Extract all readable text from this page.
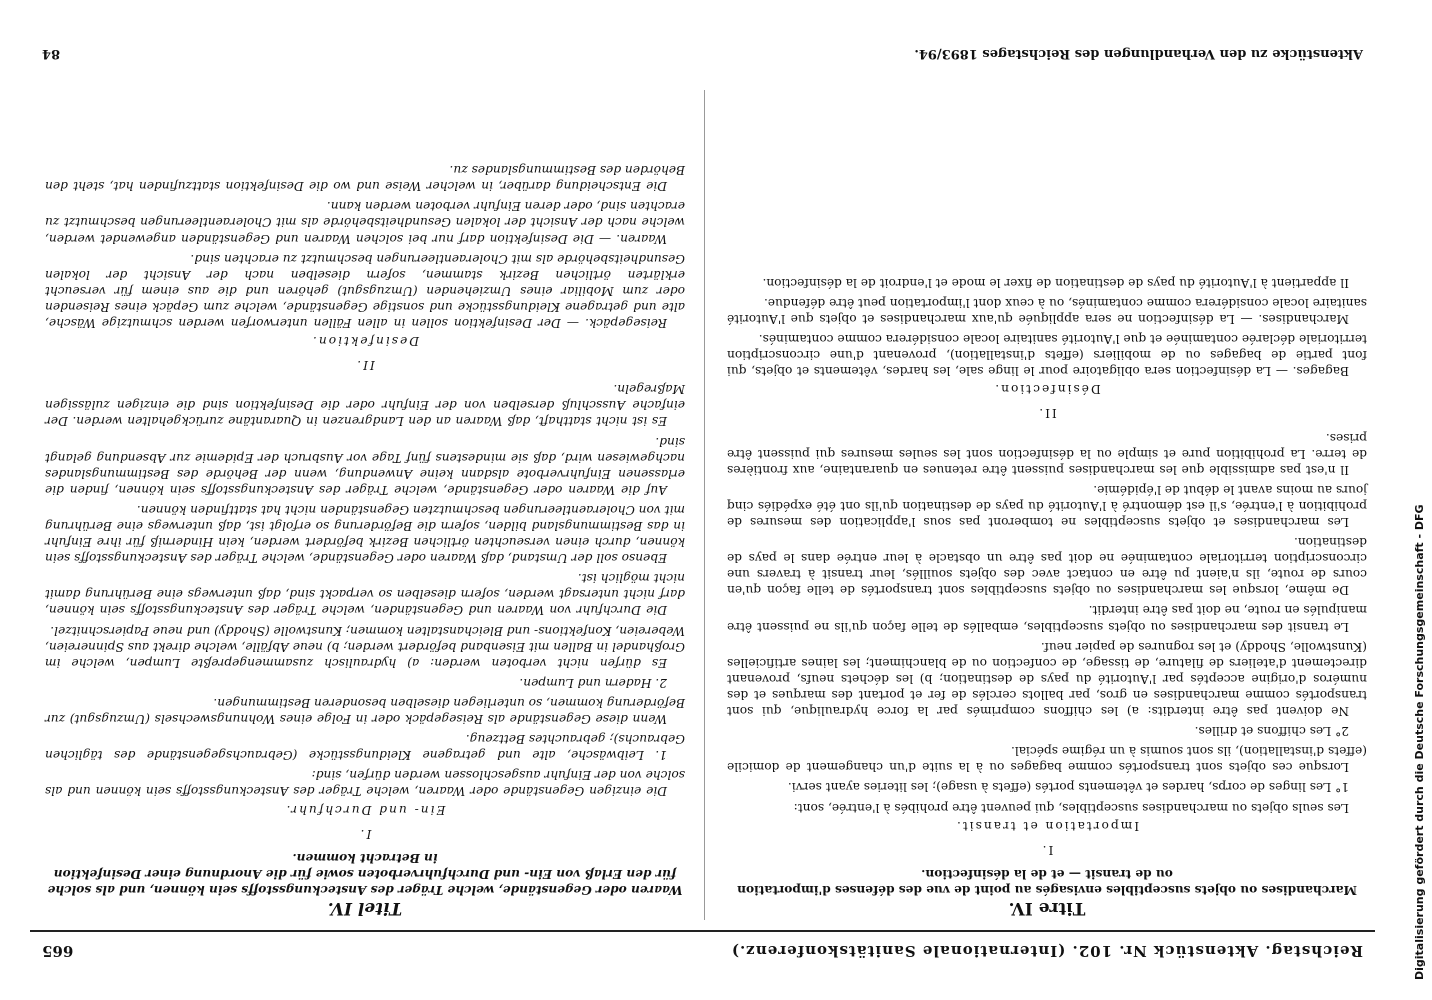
Reichstag. Aktenstück Nr. 102. (Internationale Sanitätskonferenz.)
665
Titre IV.
Marchandises ou objets susceptibles envisagés au point de vue des défenses d'importation ou de transit — et de la désinfection.
I.
Importation et transit.

Les seuls objets ou marchandises susceptibles, qui peuvent être prohibés à l'entrée, sont:

1° Les linges de corps, hardes et vêtements portés (effets à usage); les literies ayant servi.

Lorsque ces objets sont transportés comme bagages ou à la suite d'un changement de domicile (effets d'installation), ils sont soumis à un régime spécial.

2° Les chiffons et drilles.

Ne doivent pas être interdits: a) les chiffons comprimés par la force hydraulique, qui sont transportés comme marchandises en gros, par ballots cerclés de fer et portant des marques et des numéros d'origine acceptés par l'Autorité du pays de destination; b) les déchets neufs, provenant directement d'ateliers de filature, de tissage, de confection ou de blanchiment; les laines artificielles (Kunstwolle, Shoddy) et les rognures de papier neuf.

Le transit des marchandises ou objets susceptibles, emballés de telle façon qu'ils ne puissent être manipulés en route, ne doit pas être interdit.

De même, lorsque les marchandises ou objets susceptibles sont transportés de telle façon qu'en cours de route, ils n'aient pu être en contact avec des objets souillés, leur transit à travers une circonscription territoriale contaminée ne doit pas être un obstacle à leur entrée dans le pays de destination.

Les marchandises et objets susceptibles ne tomberont pas sous l'application des mesures de prohibition à l'entrée, s'il est démontré à l'Autorité du pays de destination qu'ils ont été expédiés cinq jours au moins avant le début de l'épidémie.

Il n'est pas admissible que les marchandises puissent être retenues en quarantaine, aux frontières de terre. La prohibition pure et simple ou la désinfection sont les seules mesures qui puissent être prises.

II.
Désinfection.

Bagages. — La désinfection sera obligatoire pour le linge sale, les hardes, vêtements et objets, qui font partie de bagages ou de mobiliers (effets d'installation), provenant d'une circonscription territoriale déclarée contaminée et que l'Autorité sanitaire locale considérera comme contaminés.

Marchandises. — La désinfection ne sera appliquée qu'aux marchandises et objets que l'Autorité sanitaire locale considérera comme contaminés, ou à ceux dont l'importation peut être défendue.

Il appartient à l'Autorité du pays de destination de fixer le mode et l'endroit de la désinfection.

Titel IV.
Waaren oder Gegenstände, welche Träger des Ansteckungsstoffs sein können, und als solche für den Erlaß von Ein- und Durchfuhrverboten sowie für die Anordnung einer Desinfektion in Betracht kommen.
I.
Ein- und Durchfuhr.

Die einzigen Gegenstände oder Waaren, welche Träger des Ansteckungsstoffs sein können und als solche von der Einfuhr ausgeschlossen werden dürfen, sind:

1. Leibwäsche, alte und getragene Kleidungsstücke (Gebrauchsgegenstände des täglichen Gebrauchs); gebrauchtes Bettzeug.

Wenn diese Gegenstände als Reisegepäck oder in Folge eines Wohnungswechsels (Umzugsgut) zur Beförderung kommen, so unterliegen dieselben besonderen Bestimmungen.

2. Hadern und Lumpen.

Es dürfen nicht verboten werden: a) hydraulisch zusammengepreßte Lumpen, welche im Großhandel in Ballen mit Eisenband befördert werden; b) neue Abfälle, welche direkt aus Spinnereien, Webereien, Konfektions- und Bleichanstalten kommen; Kunstwolle (Shoddy) und neue Papierschnitzel.

Die Durchfuhr von Waaren und Gegenständen, welche Träger des Ansteckungsstoffs sein können, darf nicht untersagt werden, sofern dieselben so verpackt sind, daß unterwegs eine Berührung damit nicht möglich ist.

Ebenso soll der Umstand, daß Waaren oder Gegenstände, welche Träger des Ansteckungsstoffs sein können, durch einen verseuchten örtlichen Bezirk befördert werden, kein Hinderniß für ihre Einfuhr in das Bestimmungsland bilden, sofern die Beförderung so erfolgt ist, daß unterwegs eine Berührung mit von Choleraentleerungen beschmutzten Gegenständen nicht hat stattfinden können.

Auf die Waaren oder Gegenstände, welche Träger des Ansteckungsstoffs sein können, finden die erlassenen Einfuhrverbote alsdann keine Anwendung, wenn der Behörde des Bestimmungslandes nachgewiesen wird, daß sie mindestens fünf Tage vor Ausbruch der Epidemie zur Absendung gelangt sind.

Es ist nicht statthaft, daß Waaren an den Landgrenzen in Quarantäne zurückgehalten werden. Der einfache Ausschluß derselben von der Einfuhr oder die Desinfektion sind die einzigen zulässigen Maßregeln.

II.
Desinfektion.

Reisegepäck. — Der Desinfektion sollen in allen Fällen unterworfen werden schmutzige Wäsche, alte und getragene Kleidungsstücke und sonstige Gegenstände, welche zum Gepäck eines Reisenden oder zum Mobiliar eines Umziehenden (Umzugsgut) gehören und die aus einem für verseucht erklärten örtlichen Bezirk stammen, sofern dieselben nach der Ansicht der lokalen Gesundheitsbehörde als mit Choleraentleerungen beschmutzt zu erachten sind.

Waaren. — Die Desinfektion darf nur bei solchen Waaren und Gegenständen angewendet werden, welche nach der Ansicht der lokalen Gesundheitsbehörde als mit Choleraentleerungen beschmutzt zu erachten sind, oder deren Einfuhr verboten werden kann.

Die Entscheidung darüber, in welcher Weise und wo die Desinfektion stattzufinden hat, steht den Behörden des Bestimmungslandes zu.

Aktenstücke zu den Verhandlungen des Reichstages 1893/94.
84
Digitalisierung gefördert durch die Deutsche Forschungsgemeinschaft - DFG
